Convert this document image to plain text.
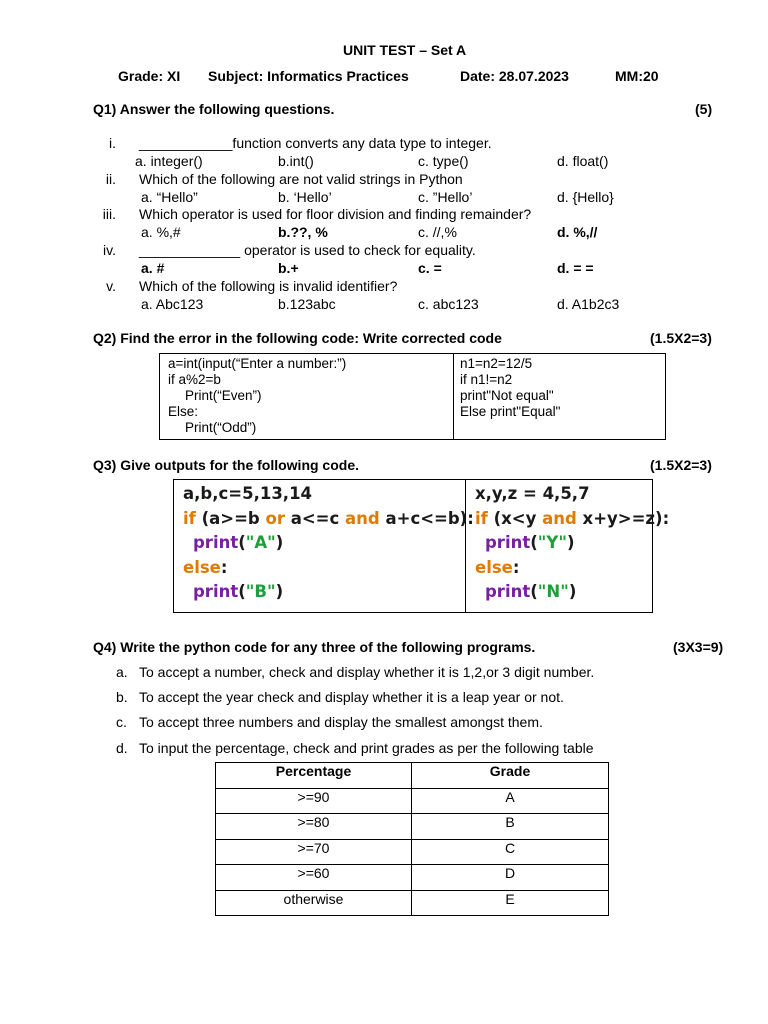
UNIT TEST – Set A
Grade: XI Subject: Informatics Practices	Date: 28.07.2023	MM:20
Q1) Answer the following questions.	(5)
i. ____________function converts any data type to integer.
a. integer()	b.int()	c. type()	d. float()
ii. Which of the following are not valid strings in Python
a. “Hello”	b. ‘Hello’	c. ”Hello’	d. {Hello}
iii. Which operator is used for floor division and finding remainder?
a. %,#	b.??, %	c. //,%	d. %,//
iv. _____________ operator is used to check for equality.
a. #	b.+	c. =	d. = =
v. Which of the following is invalid identifier?
a. Abc123	b.123abc	c. abc123	d. A1b2c3
Q2) Find the error in the following code: Write corrected code	(1.5X2=3)
a=int(input(“Enter a number:”)
if a%2=b
Print(“Even”)
Else:
Print(“Odd”)
n1=n2=12/5
if n1!=n2
print"Not equal"
Else print"Equal"
Q3) Give outputs for the following code.	(1.5X2=3)
a,b,c=5,13,14
if (a>=b or a<=c and a+c<=b):
print("A")
else:
print("B")
x,y,z = 4,5,7
if (x<y and x+y>=z):
print("Y")
else:
print("N")
Q4) Write the python code for any three of the following programs.	(3X3=9)
a. To accept a number, check and display whether it is 1,2,or 3 digit number.
b. To accept the year check and display whether it is a leap year or not.
c. To accept three numbers and display the smallest amongst them.
d. To input the percentage, check and print grades as per the following table
Percentage	Grade
>=90	A
>=80	B
>=70	C
>=60	D
otherwise	E
